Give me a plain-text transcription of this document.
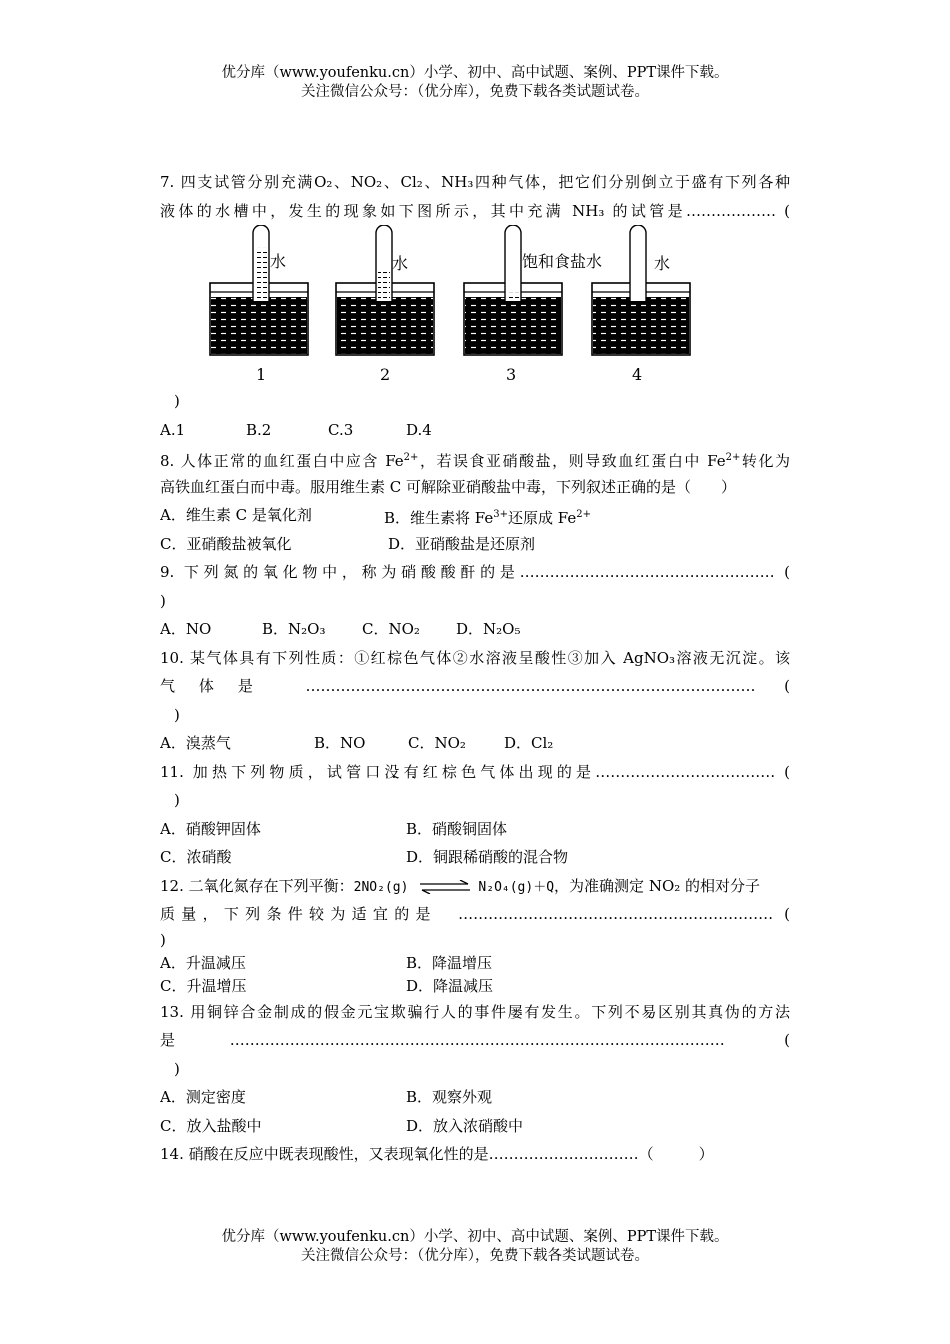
优分库（www.youfenku.cn）小学、初中、高中试题、案例、PPT课件下载。
关注微信公众号：（优分库），免费下载各类试题试卷。
7. 四支试管分别充满O₂、NO₂、Cl₂、NH₃四种气体，把它们分别倒立于盛有下列各种
液体的水槽中，发生的现象如下图所示，其中充满 NH₃ 的试管是……………… (
水	水	饱和食盐水	水
1	2	3	4
)
A.1	B.2	C.3	D.4
8. 人体正常的血红蛋白中应含 $Fe^{2+}$，若误食亚硝酸盐，则导致血红蛋白中 $Fe^{2+}$转化为
高铁血红蛋白而中毒。服用维生素 C 可解除亚硝酸盐中毒，下列叙述正确的是（　　）
A．维生素 C 是氧化剂	B．维生素将 Fe3+还原成 Fe2+
C．亚硝酸盐被氧化	D．亚硝酸盐是还原剂
9. 下列氮的氧化物中，称为硝酸酸酐的是…………………………………………… (
)
A．NO	B．N₂O₃	C．NO₂	D．N₂O₅
10. 某气体具有下列性质：①红棕色气体②水溶液呈酸性③加入 AgNO₃溶液无沉淀。该
气体是 ……………………………………………………………………………… (
)
A．溴蒸气	B．NO	C．NO₂	D．Cl₂
11. 加热下列物质，试管口没有红棕色气体出现的是……………………………… (
)
A．硝酸钾固体	B．硝酸铜固体
C．浓硝酸	D．铜跟稀硝酸的混合物
12. 二氧化氮存在下列平衡：2NO₂(g) ⇌ N₂O₄(g)＋Q，为准确测定 NO₂ 的相对分子
质量，下列条件较为适宜的是　……………………………………………………… (
)
A．升温减压	B．降温增压
C．升温增压	D．降温减压
13. 用铜锌合金制成的假金元宝欺骗行人的事件屡有发生。下列不易区别其真伪的方法
是……………………………………………………………………………………… (
)
A．测定密度	B．观察外观
C．放入盐酸中	D．放入浓硝酸中
14. 硝酸在反应中既表现酸性，又表现氧化性的是…………………………（　　　）
优分库（www.youfenku.cn）小学、初中、高中试题、案例、PPT课件下载。
关注微信公众号：（优分库），免费下载各类试题试卷。
